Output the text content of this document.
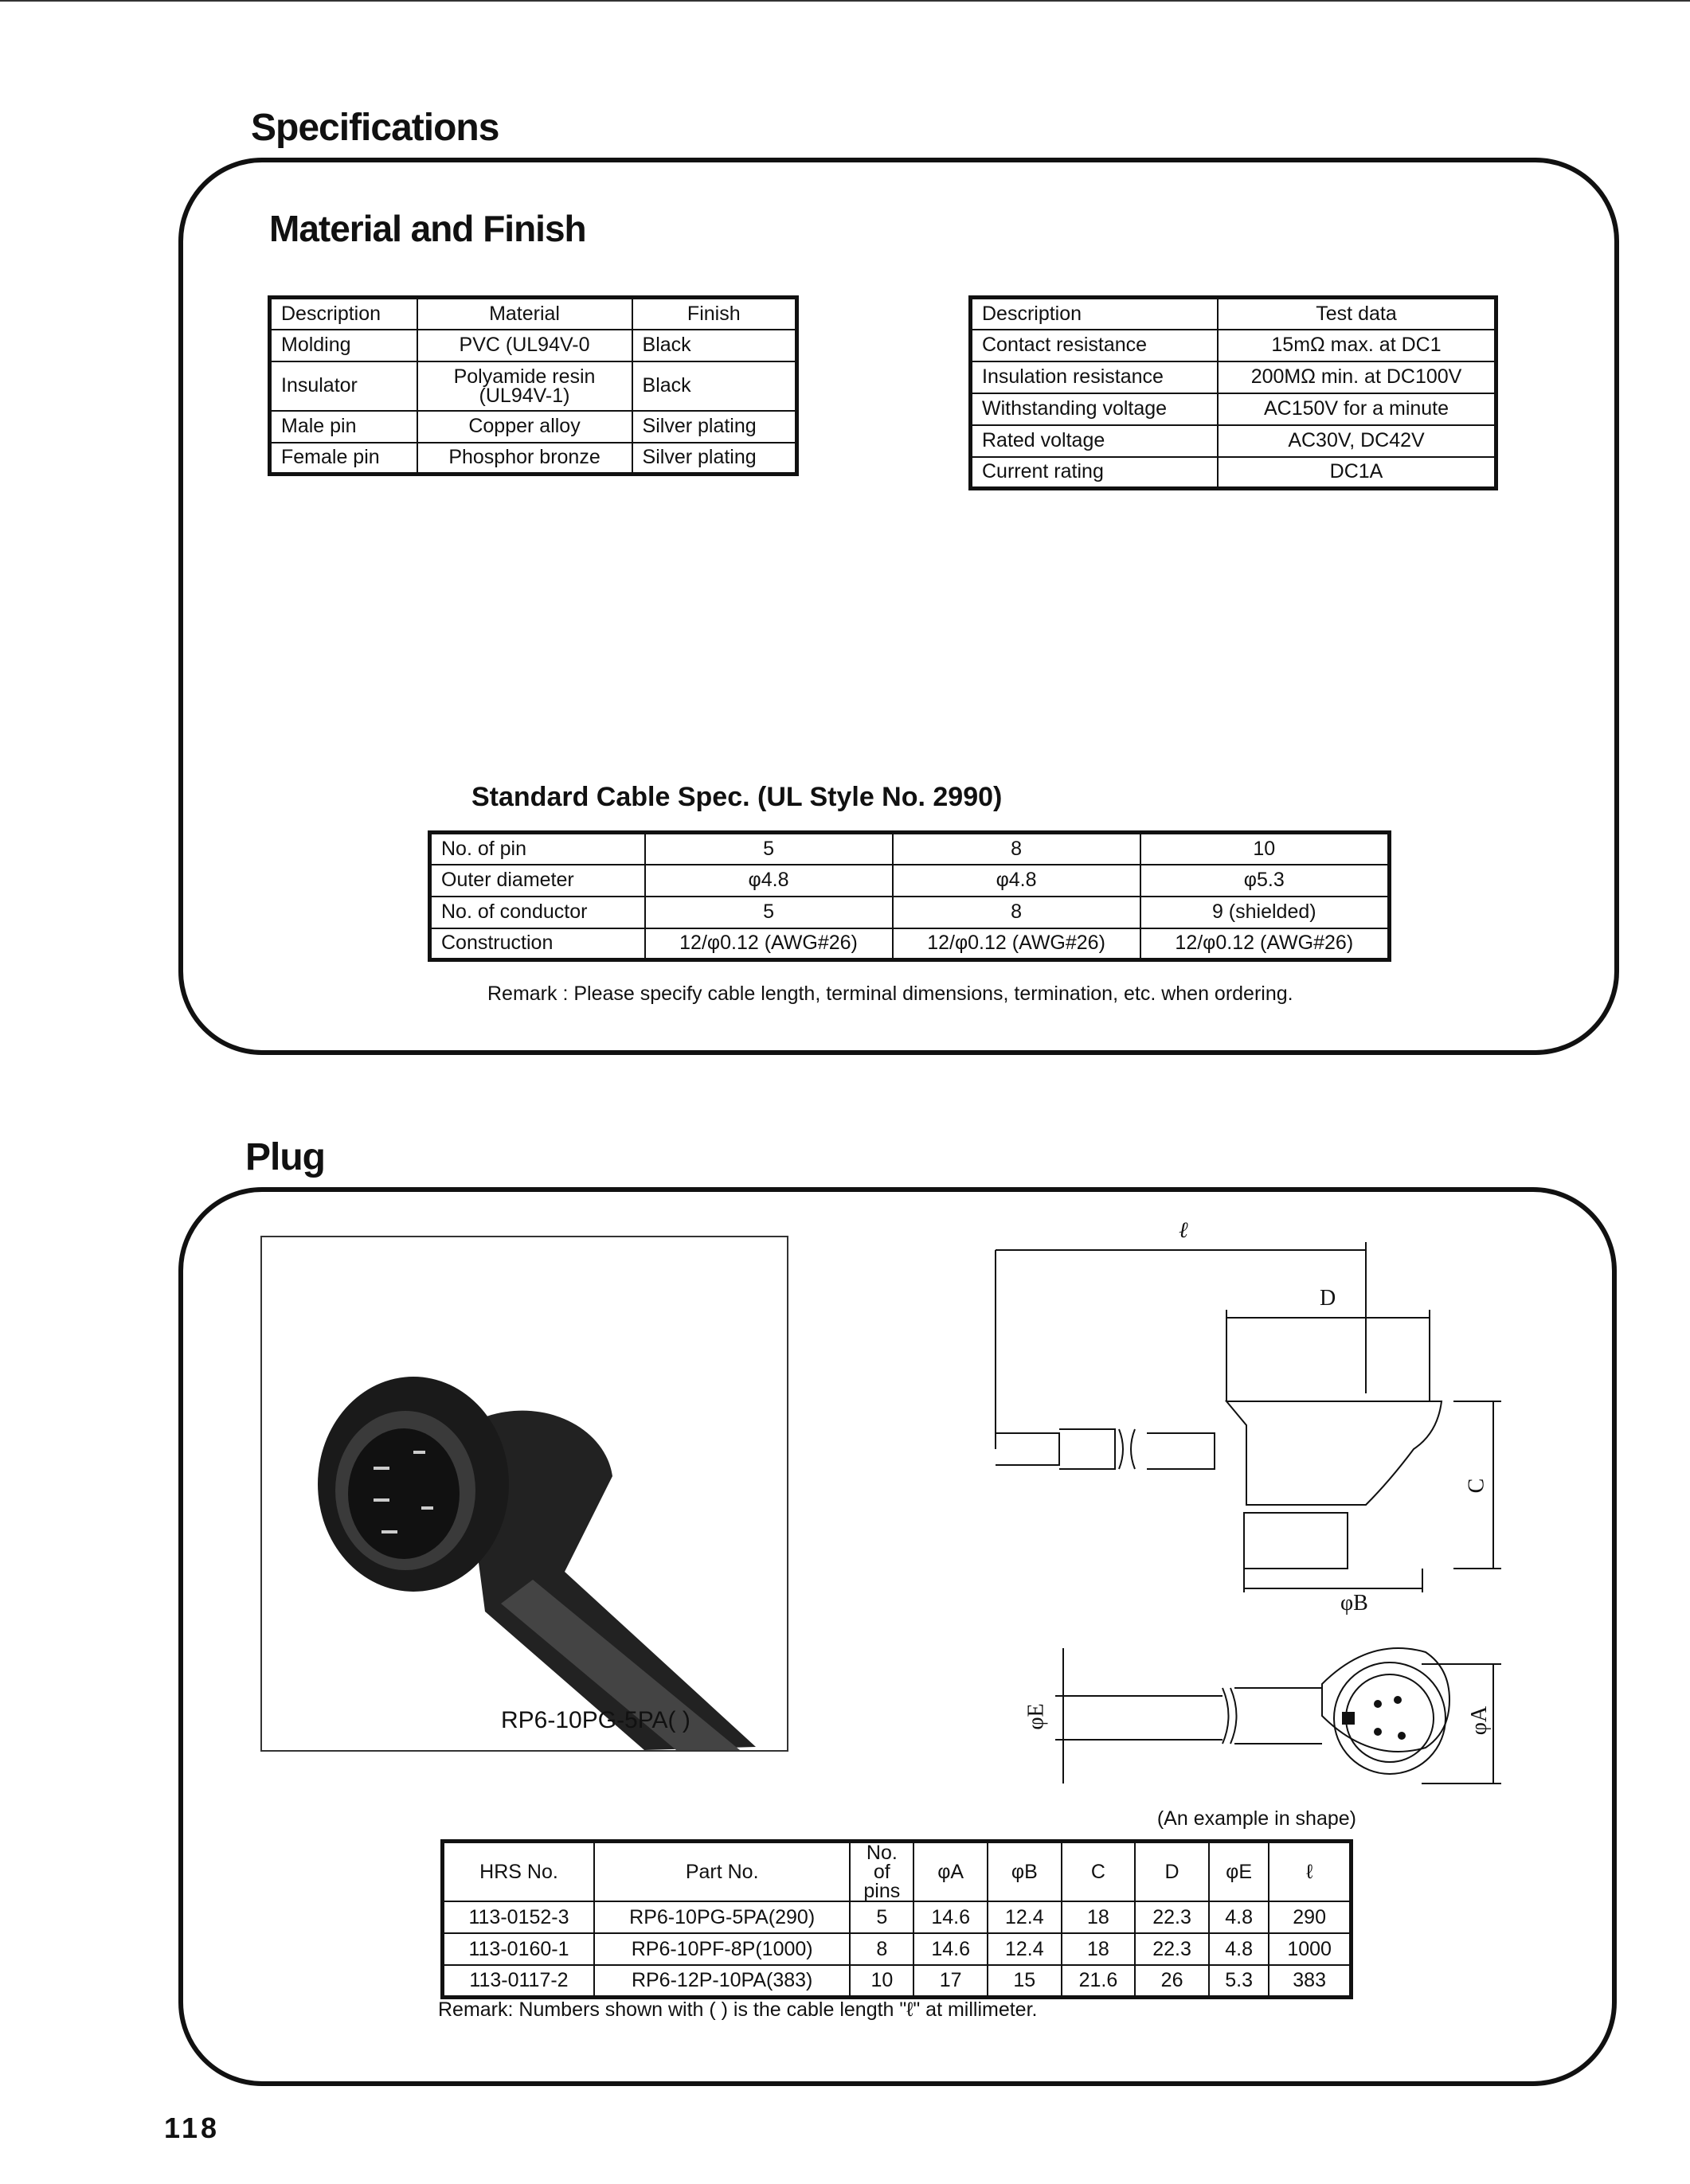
Specifications
Material and Finish
Description	Material	Finish
Molding	PVC (UL94V-0	Black
Insulator	Polyamide resin (UL94V-1)	Black
Male pin	Copper alloy	Silver plating
Female pin	Phosphor bronze	Silver plating
Description	Test data
Contact resistance	15mΩ max. at DC1
Insulation resistance	200MΩ min. at DC100V
Withstanding voltage	AC150V for a minute
Rated voltage	AC30V, DC42V
Current rating	DC1A
Standard Cable Spec. (UL Style No. 2990)
No. of pin	5	8	10
Outer diameter	φ4.8	φ4.8	φ5.3
No. of conductor	5	8	9 (shielded)
Construction	12/φ0.12 (AWG#26)	12/φ0.12 (AWG#26)	12/φ0.12 (AWG#26)
Remark : Please specify cable length, terminal dimensions, termination, etc. when ordering.
Plug
RP6-10PG-5PA( )
ℓ
D
C
φB
φE	φA
(An example in shape)
HRS No.	Part No.	No. of pins	φA	φB	C	D	φE	ℓ
113-0152-3	RP6-10PG-5PA(290)	5	14.6	12.4	18	22.3	4.8	290
113-0160-1	RP6-10PF-8P(1000)	8	14.6	12.4	18	22.3	4.8	1000
113-0117-2	RP6-12P-10PA(383)	10	17	15	21.6	26	5.3	383
Remark: Numbers shown with ( ) is the cable length "ℓ" at millimeter.
118
